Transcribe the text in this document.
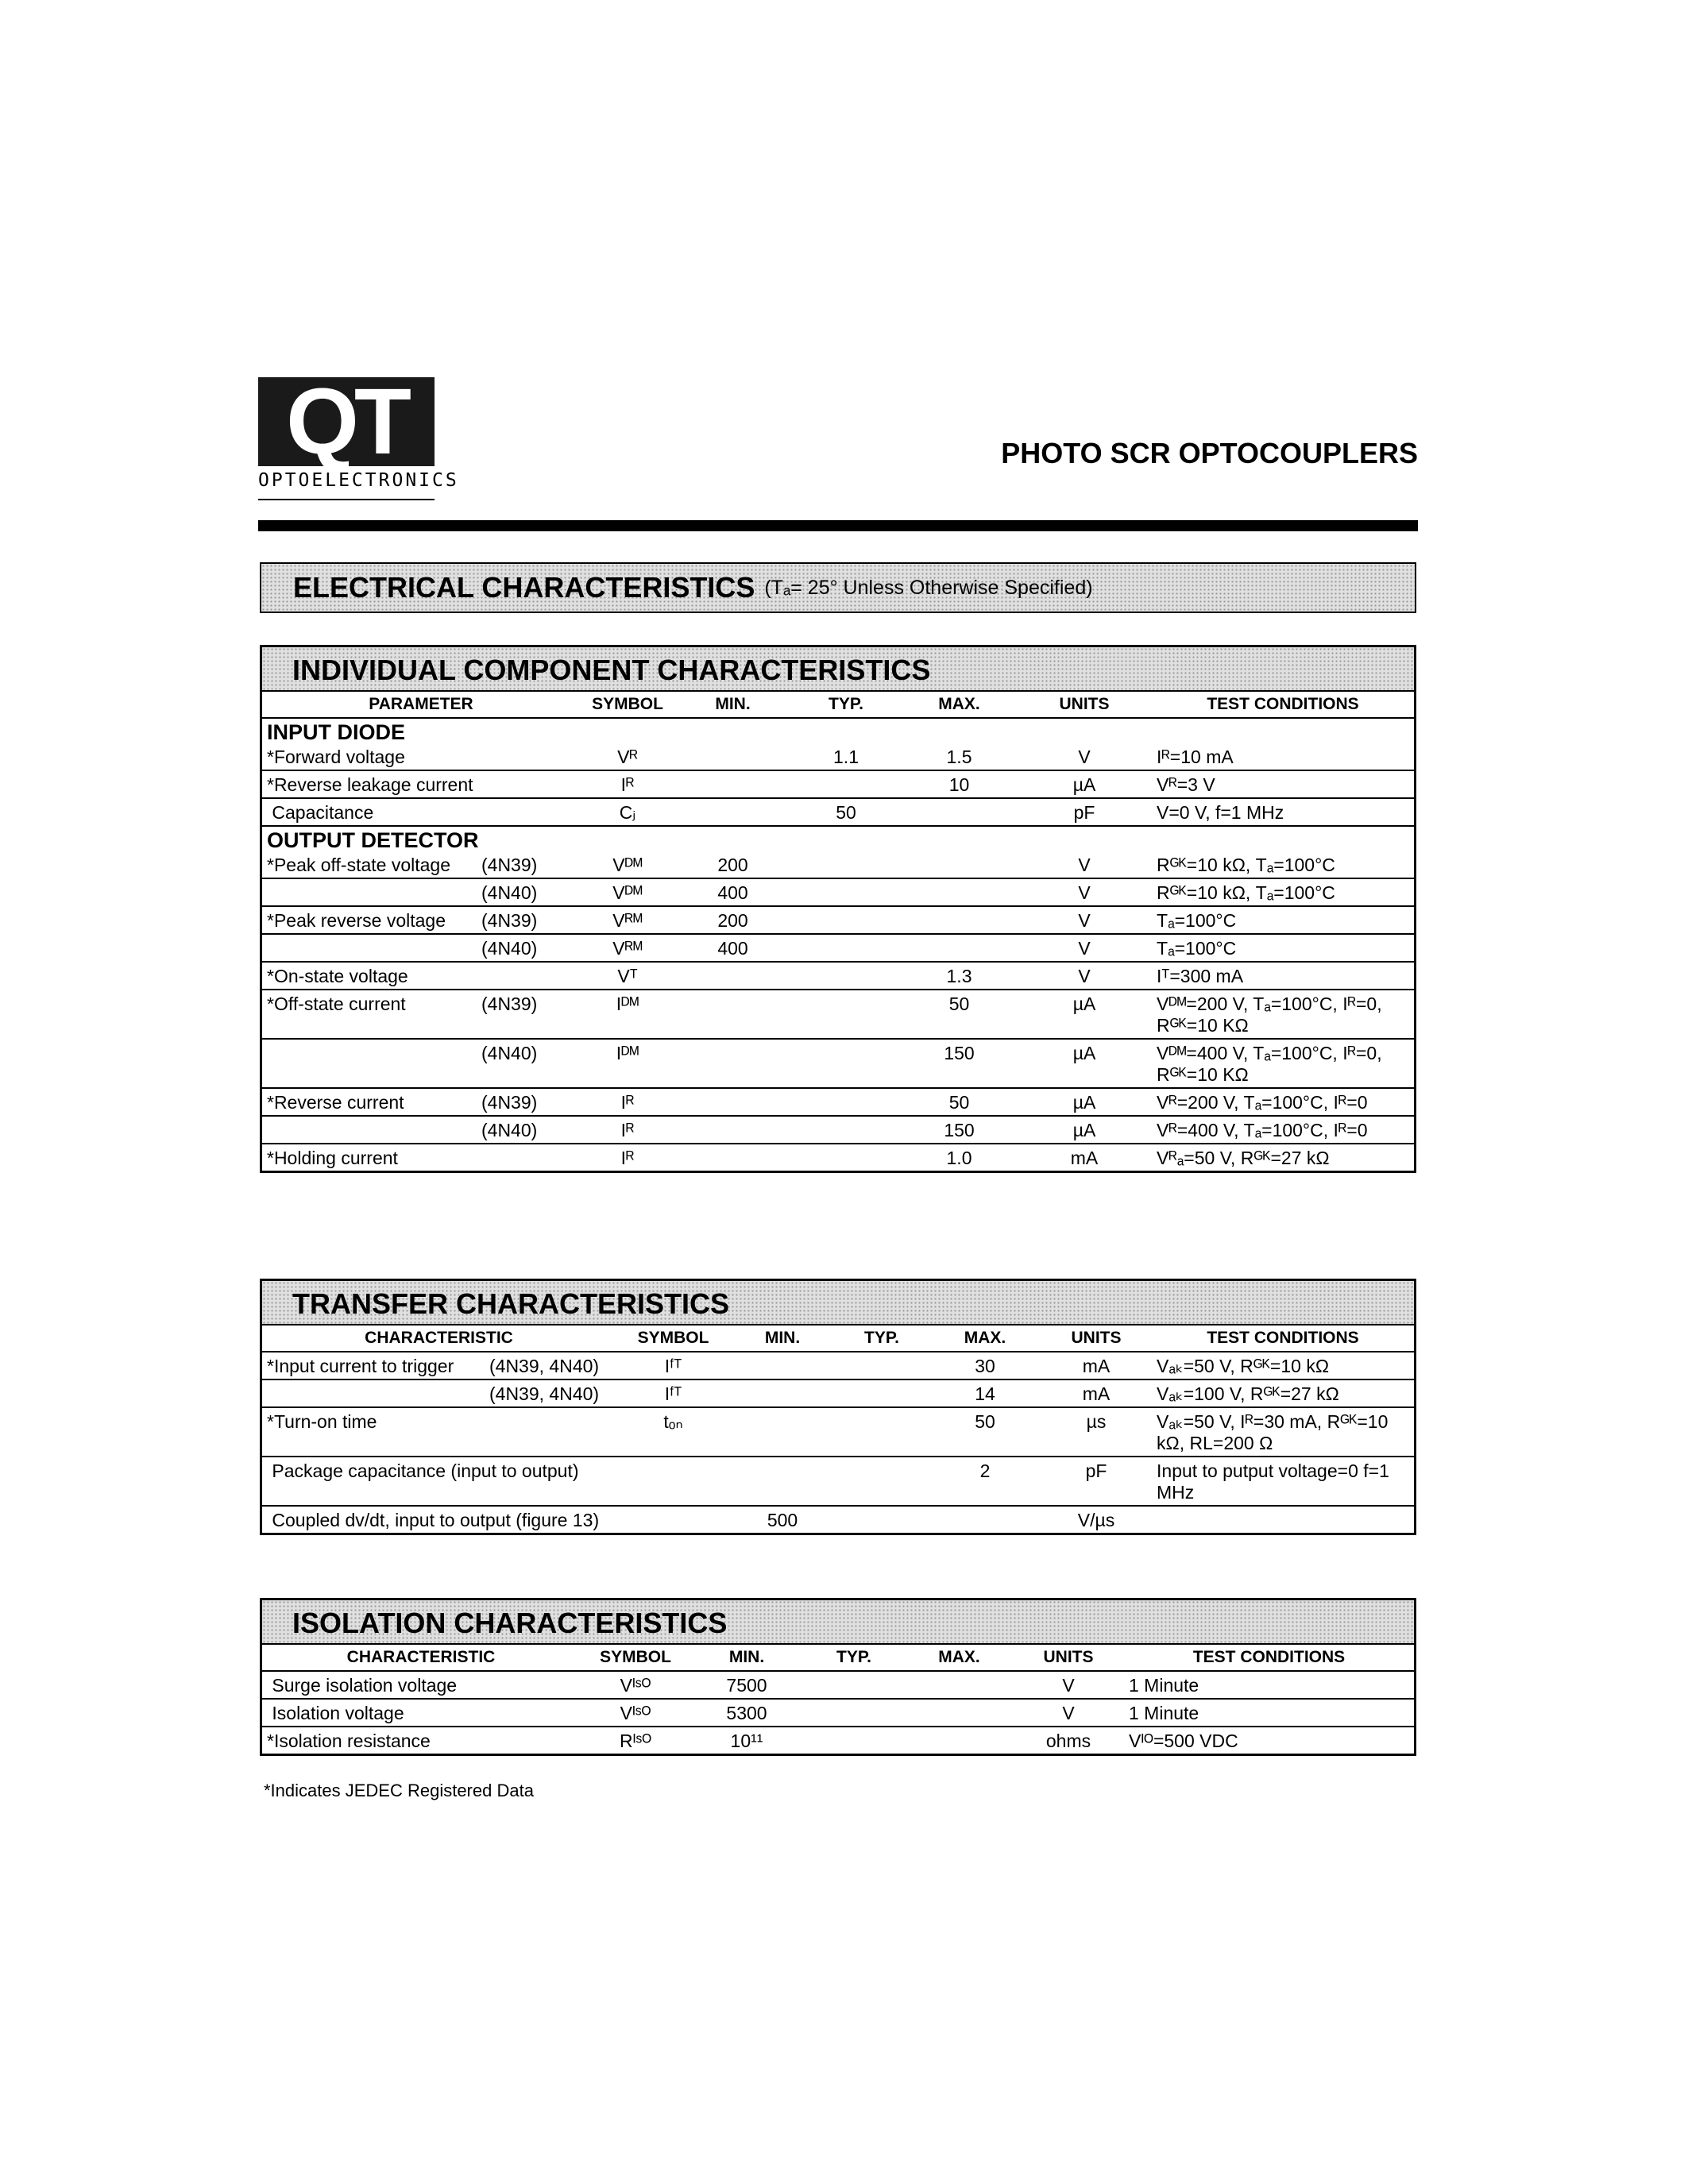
QT
OPTOELECTRONICS
PHOTO SCR OPTOCOUPLERS
ELECTRICAL CHARACTERISTICS (Tₐ= 25° Unless Otherwise Specified)
INDIVIDUAL COMPONENT CHARACTERISTICS
PARAMETER		SYMBOL	MIN.	TYP.	MAX.	UNITS	TEST CONDITIONS
INPUT DIODE							
*Forward voltage		Vᴿ		1.1	1.5	V	Iᴿ=10 mA
*Reverse leakage current		Iᴿ			10	µA	Vᴿ=3 V
Capacitance		Cⱼ		50		pF	V=0 V, f=1 MHz
OUTPUT DETECTOR							
*Peak off-state voltage	(4N39)	Vᴰᴹ	200			V	Rᴳᴷ=10 kΩ, Tₐ=100°C
	(4N40)	Vᴰᴹ	400			V	Rᴳᴷ=10 kΩ, Tₐ=100°C
*Peak reverse voltage	(4N39)	Vᴿᴹ	200			V	Tₐ=100°C
	(4N40)	Vᴿᴹ	400			V	Tₐ=100°C
*On-state voltage		Vᵀ			1.3	V	Iᵀ=300 mA
*Off-state current	(4N39)	Iᴰᴹ			50	µA	Vᴰᴹ=200 V, Tₐ=100°C, Iᴿ=0, Rᴳᴷ=10 KΩ
	(4N40)	Iᴰᴹ			150	µA	Vᴰᴹ=400 V, Tₐ=100°C, Iᴿ=0, Rᴳᴷ=10 KΩ
*Reverse current	(4N39)	Iᴿ			50	µA	Vᴿ=200 V, Tₐ=100°C, Iᴿ=0
	(4N40)	Iᴿ			150	µA	Vᴿ=400 V, Tₐ=100°C, Iᴿ=0
*Holding current		Iᴿ			1.0	mA	Vᴿₐ=50 V, Rᴳᴷ=27 kΩ
TRANSFER CHARACTERISTICS
CHARACTERISTIC		SYMBOL	MIN.	TYP.	MAX.	UNITS	TEST CONDITIONS
*Input current to trigger	(4N39, 4N40)	Iᶠᵀ			30	mA	Vₐₖ=50 V, Rᴳᴷ=10 kΩ
	(4N39, 4N40)	Iᶠᵀ			14	mA	Vₐₖ=100 V, Rᴳᴷ=27 kΩ
*Turn-on time		tₒₙ			50	µs	Vₐₖ=50 V, Iᴿ=30 mA, Rᴳᴷ=10 kΩ, RL=200 Ω
Package capacitance (input to output)					2	pF	Input to putput voltage=0 f=1 MHz
Coupled dv/dt, input to output (figure 13)			500			V/µs	
ISOLATION CHARACTERISTICS
CHARACTERISTIC	SYMBOL	MIN.	TYP.	MAX.	UNITS	TEST CONDITIONS
Surge isolation voltage	Vᴵˢᴼ	7500			V	1 Minute
Isolation voltage	Vᴵˢᴼ	5300			V	1 Minute
*Isolation resistance	Rᴵˢᴼ	10¹¹			ohms	Vᴵᴼ=500 VDC
*Indicates JEDEC Registered Data
